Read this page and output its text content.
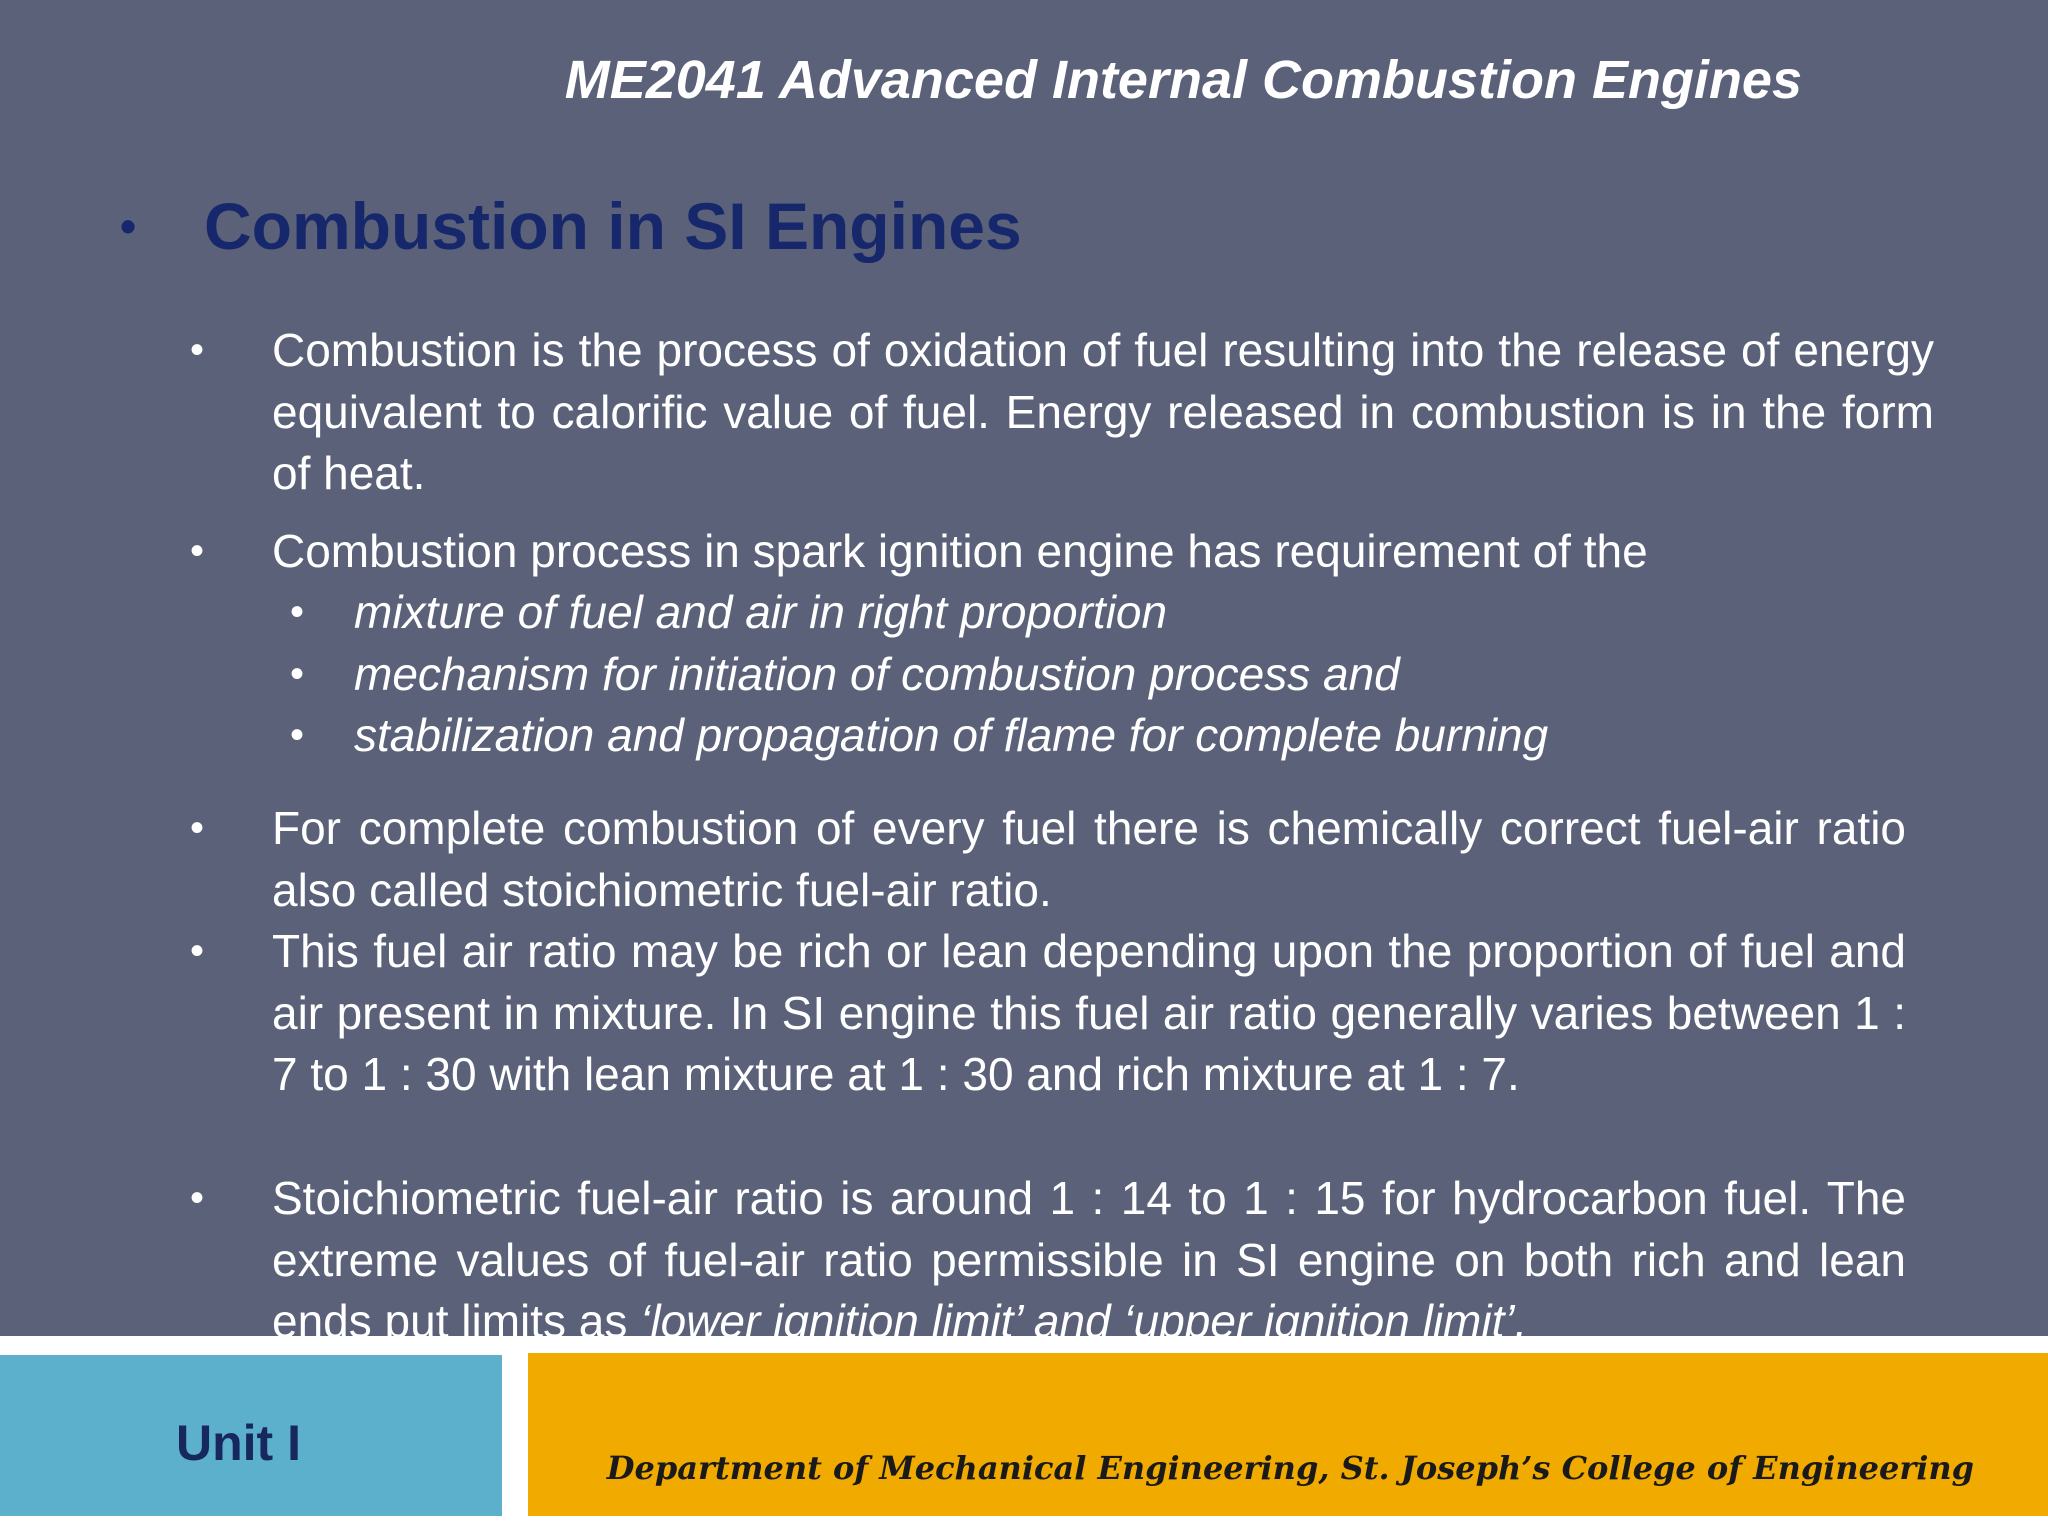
ME2041 Advanced Internal Combustion Engines
•	Combustion in SI Engines
•	Combustion is the process of oxidation of fuel resulting into the release of energy equivalent to calorific value of fuel. Energy released in combustion is in the form of heat.
•	Combustion process in spark ignition engine has requirement of the
• mixture of fuel and air in right proportion
• mechanism for initiation of combustion process and
• stabilization and propagation of flame for complete burning
•	For complete combustion of every fuel there is chemically correct fuel-air ratio also called stoichiometric fuel-air ratio.
•	This fuel air ratio may be rich or lean depending upon the proportion of fuel and air present in mixture. In SI engine this fuel air ratio generally varies between 1 : 7 to 1 : 30 with lean mixture at 1 : 30 and rich mixture at 1 : 7.
•	Stoichiometric fuel-air ratio is around 1 : 14 to 1 : 15 for hydrocarbon fuel. The extreme values of fuel-air ratio permissible in SI engine on both rich and lean ends put limits as ‘lower ignition limit’ and ‘upper ignition limit’.
Unit I	Department of Mechanical Engineering, St. Joseph’s College of Engineering
